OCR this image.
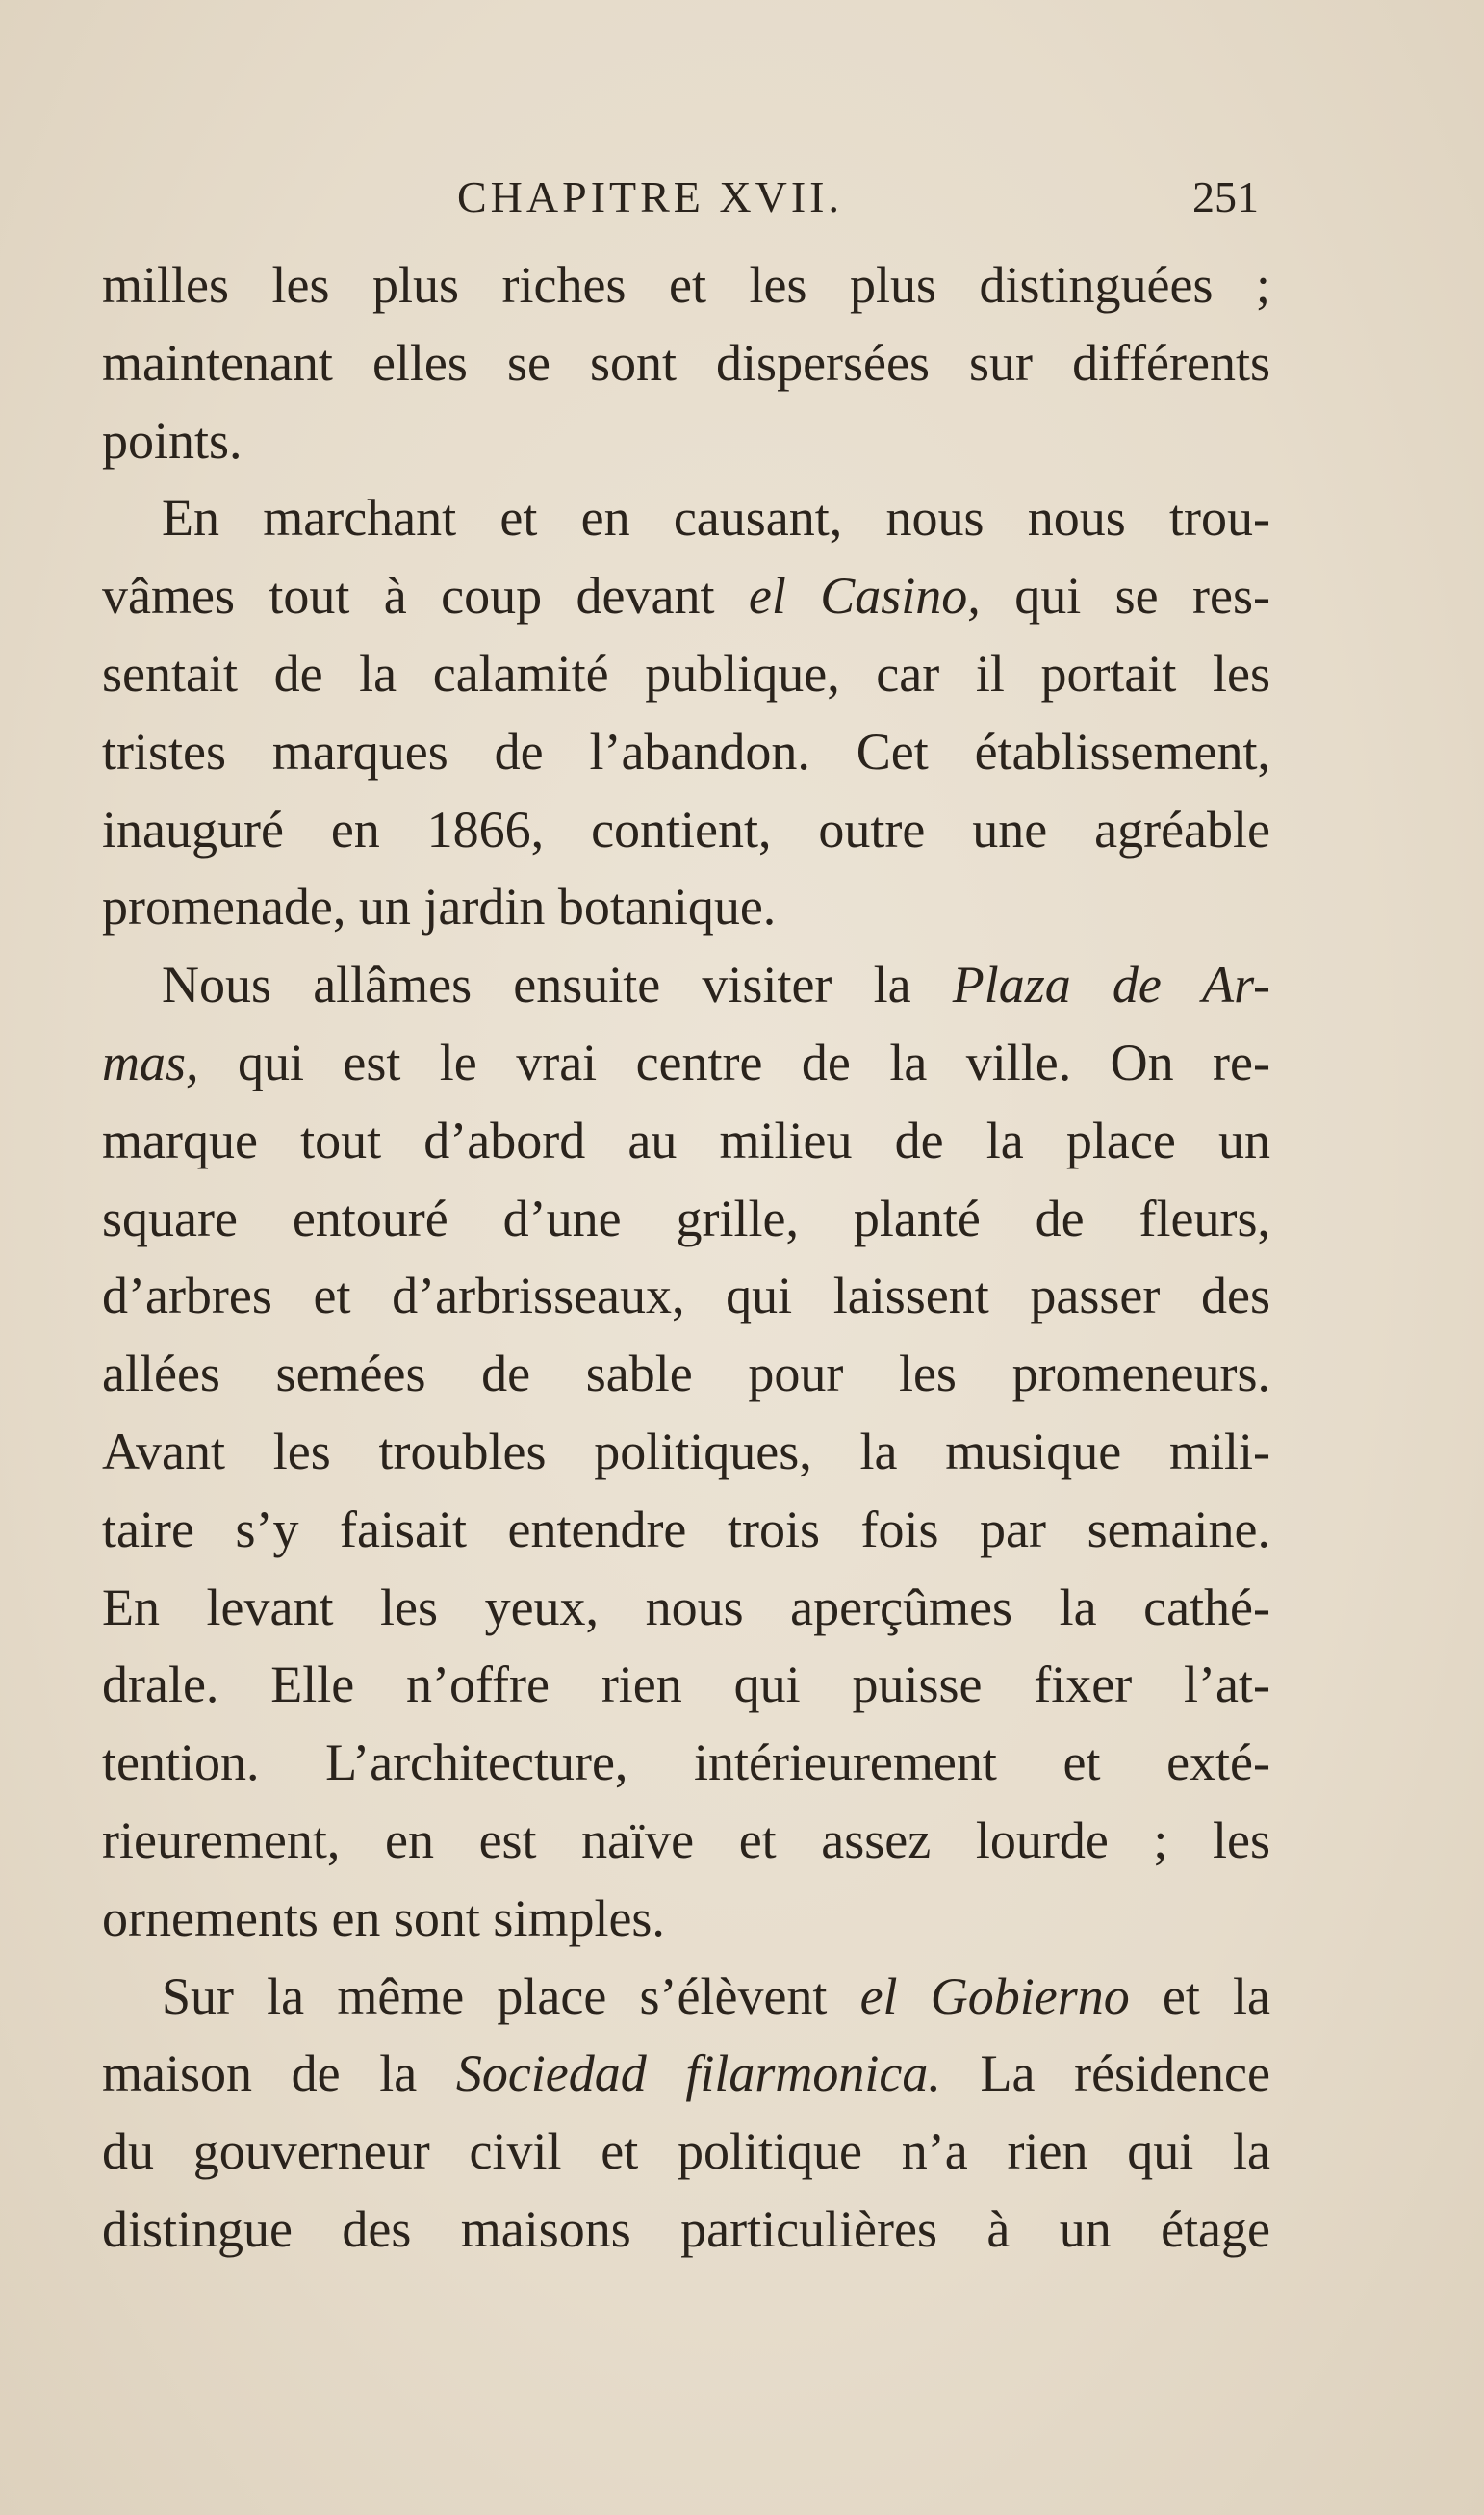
CHAPITRE XVII.	251
milles les plus riches et les plus distinguées ;
maintenant elles se sont dispersées sur différents
points.
En marchant et en causant, nous nous trou-
vâmes tout à coup devant el Casino, qui se res-
sentait de la calamité publique, car il portait les
tristes marques de l’abandon. Cet établissement,
inauguré en 1866, contient, outre une agréable
promenade, un jardin botanique.
Nous allâmes ensuite visiter la Plaza de Ar-
mas, qui est le vrai centre de la ville. On re-
marque tout d’abord au milieu de la place un
square entouré d’une grille, planté de fleurs,
d’arbres et d’arbrisseaux, qui laissent passer des
allées semées de sable pour les promeneurs.
Avant les troubles politiques, la musique mili-
taire s’y faisait entendre trois fois par semaine.
En levant les yeux, nous aperçûmes la cathé-
drale. Elle n’offre rien qui puisse fixer l’at-
tention. L’architecture, intérieurement et exté-
rieurement, en est naïve et assez lourde ; les
ornements en sont simples.
Sur la même place s’élèvent el Gobierno et la
maison de la Sociedad filarmonica. La résidence
du gouverneur civil et politique n’a rien qui la
distingue des maisons particulières à un étage
